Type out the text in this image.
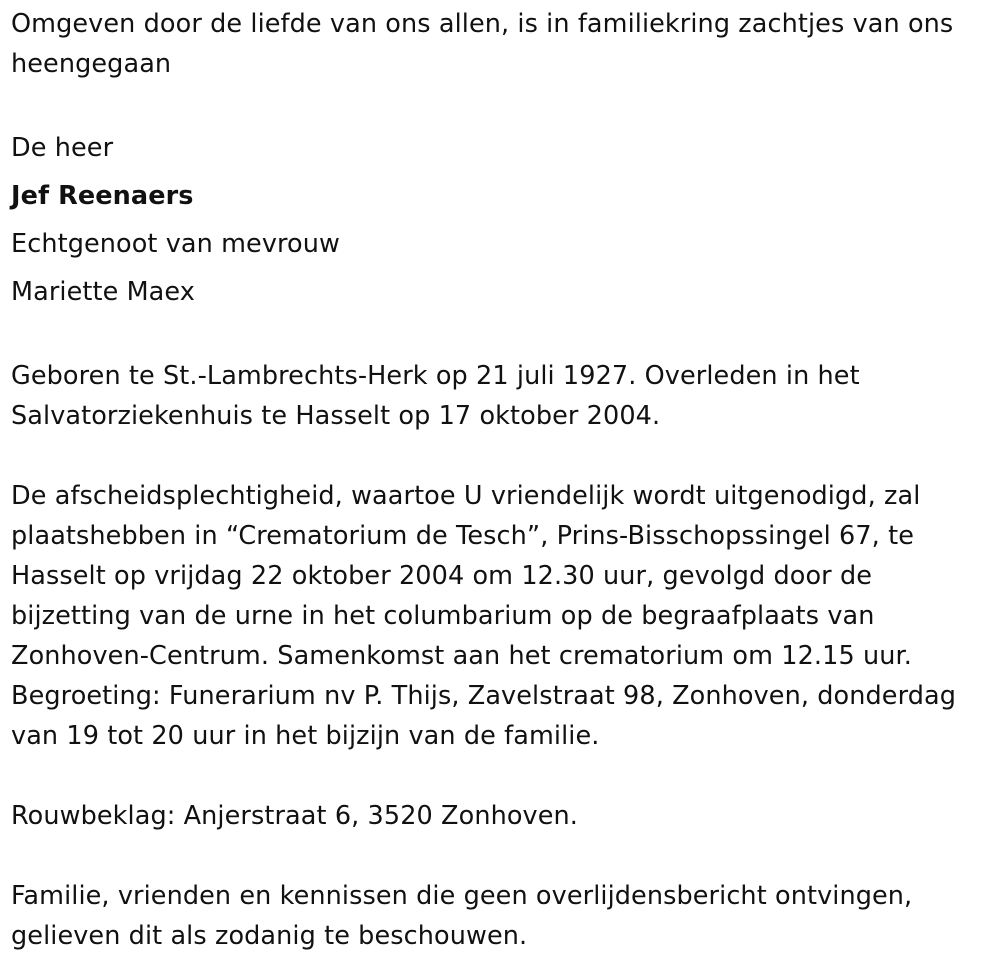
Omgeven door de liefde van ons allen, is in familiekring zachtjes van ons heengegaan

De heer

Jef Reenaers

Echtgenoot van mevrouw

Mariette Maex

Geboren te St.-Lambrechts-Herk op 21 juli 1927. Overleden in het Salvatorziekenhuis te Hasselt op 17 oktober 2004.

De afscheidsplechtigheid, waartoe U vriendelijk wordt uitgenodigd, zal plaatshebben in “Crematorium de Tesch”, Prins-Bisschopssingel 67, te Hasselt op vrijdag 22 oktober 2004 om 12.30 uur, gevolgd door de bijzetting van de urne in het columbarium op de begraafplaats van Zonhoven-Centrum. Samenkomst aan het crematorium om 12.15 uur. Begroeting: Funerarium nv P. Thijs, Zavelstraat 98, Zonhoven, donderdag van 19 tot 20 uur in het bijzijn van de familie.

Rouwbeklag: Anjerstraat 6, 3520 Zonhoven.

Familie, vrienden en kennissen die geen overlijdensbericht ontvingen, gelieven dit als zodanig te beschouwen.
